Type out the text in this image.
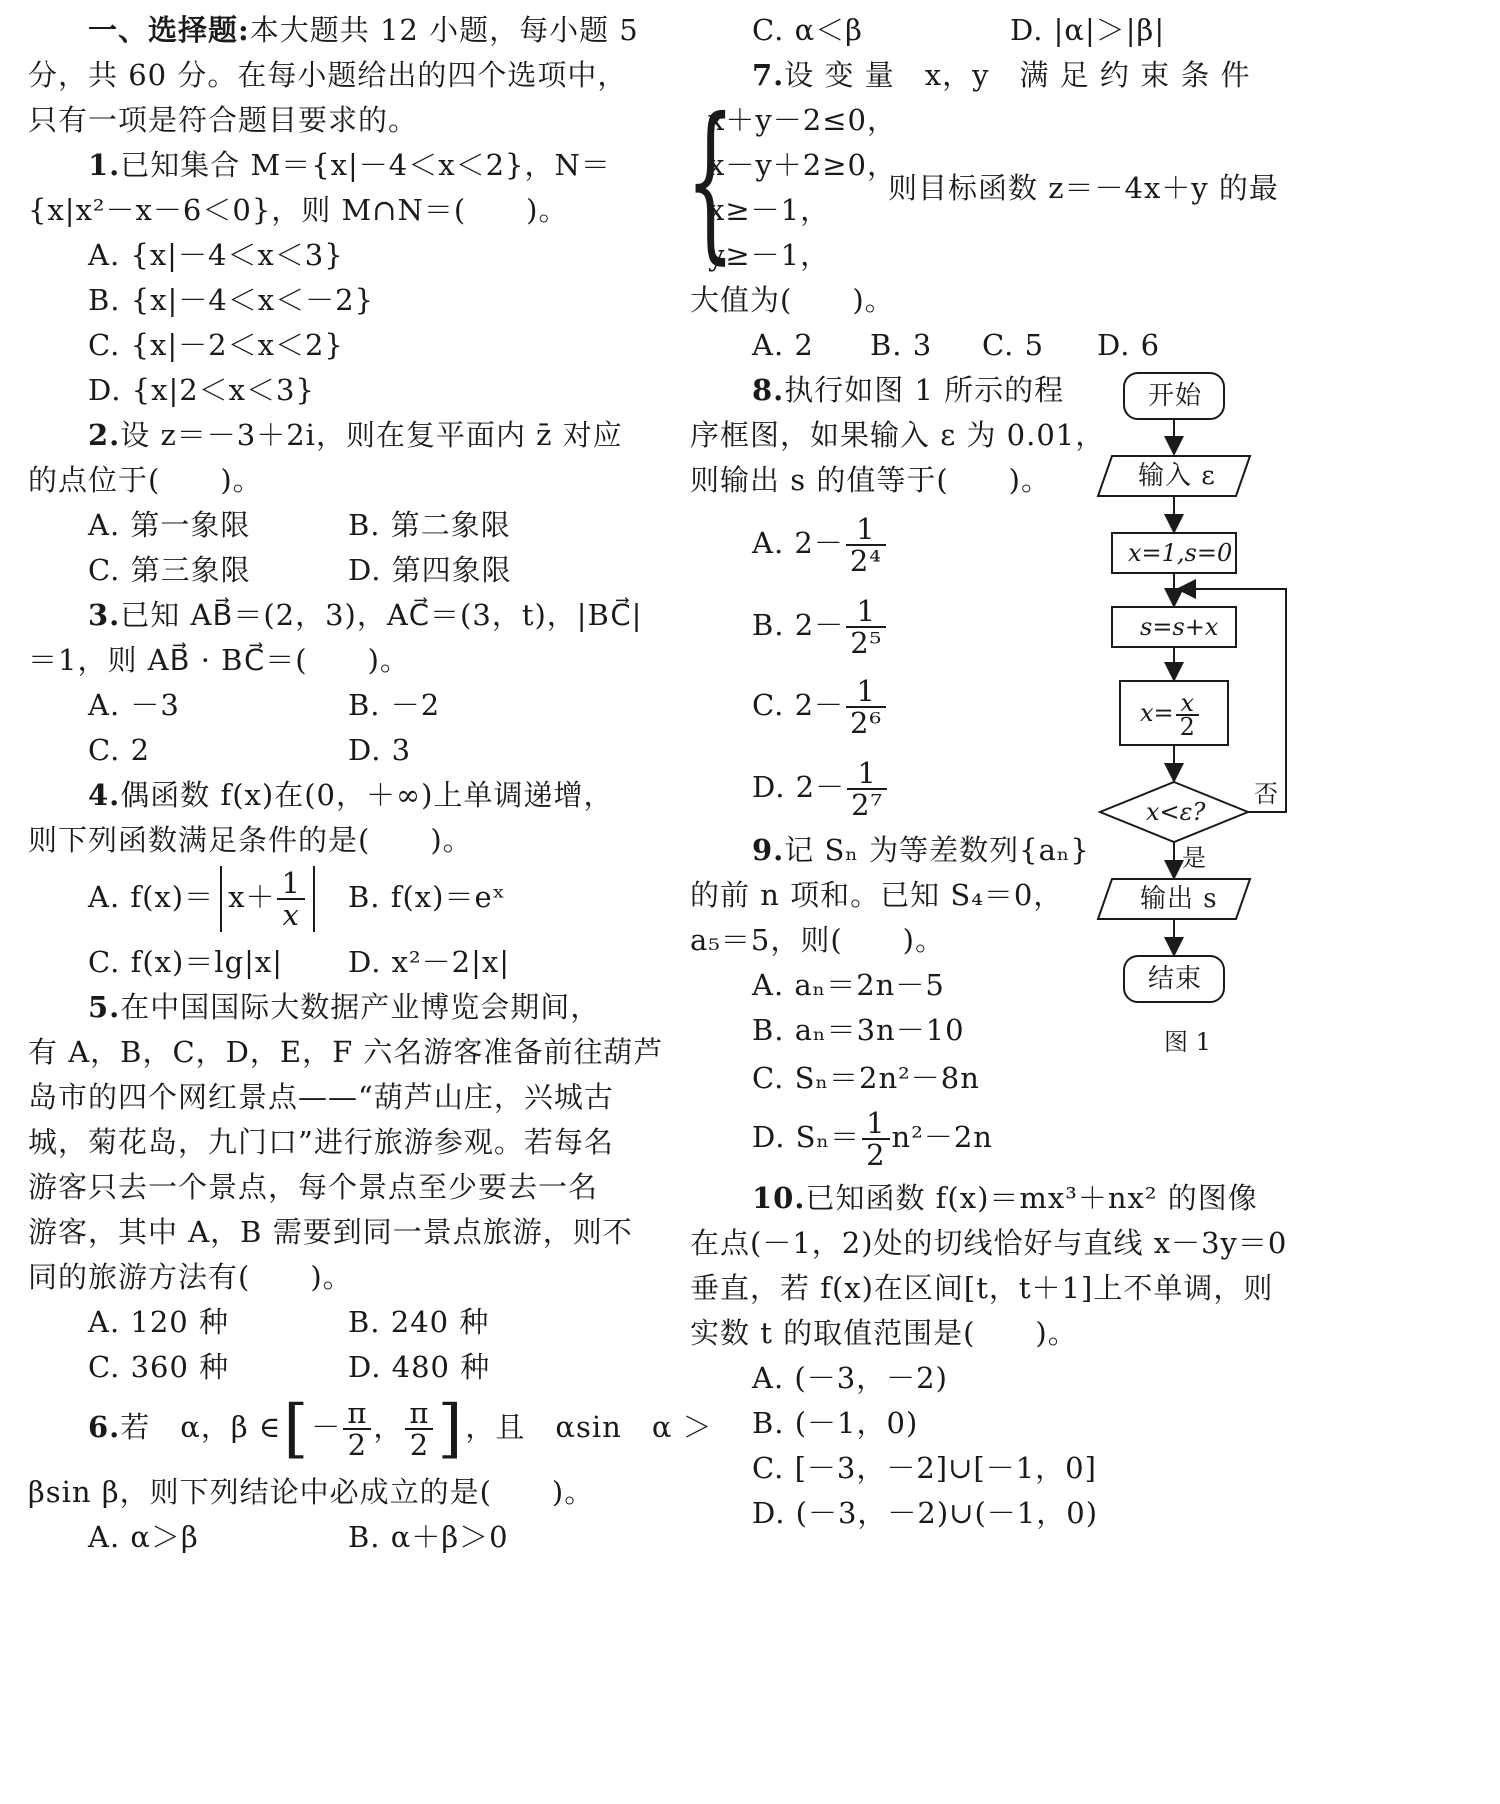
一、选择题:本大题共 12 小题，每小题 5
分，共 60 分。在每小题给出的四个选项中，
只有一项是符合题目要求的。
1.已知集合 M＝{x|－4＜x＜2}，N＝
{x|x²－x－6＜0}，则 M∩N＝(　　)。
A. {x|－4＜x＜3}
B. {x|－4＜x＜－2}
C. {x|－2＜x＜2}
D. {x|2＜x＜3}
2.设 z＝－3＋2i，则在复平面内 z̄ 对应
的点位于(　　)。
A. 第一象限	B. 第二象限
C. 第三象限	D. 第四象限
3.已知 AB⃗＝(2，3)，AC⃗＝(3，t)，|BC⃗|
＝1，则 AB⃗ · BC⃗＝(　　)。
A. －3	B. －2
C. 2	D. 3
4.偶函数 f(x)在(0，＋∞)上单调递增，
则下列函数满足条件的是(　　)。
A. $f(x)= x+ \frac{1}{x} B$. f(x)＝eˣ
C. f(x)＝lg|x| D. x²－2|x|
5.在中国国际大数据产业博览会期间，
有 A，B，C，D，E，F 六名游客准备前往葫芦
岛市的四个网红景点——“葫芦山庄，兴城古
城，菊花岛，九门口”进行旅游参观。若每名
游客只去一个景点，每个景点至少要去一名
游客，其中 A，B 需要到同一景点旅游，则不
同的旅游方法有(　　)。
A. 120 种	B. 240 种
C. 360 种	D. 480 种
6.若　α，β ∈[－ $\frac{\pi}{2}$ ， $\frac{\pi}{2}$ ]，且　αsin　α ＞
βsin β，则下列结论中必成立的是(　　)。
A. α＞β	B. α＋β＞0
C. α＜β	D. |α|＞|β|
7.设 变 量　x，y　满 足 约 束 条 件
{
x＋y－2≤0，
x－y＋2≥0，
x≥－1，
y≥－1，
则目标函数 z＝－4x＋y 的最
大值为(　　)。
A. 2 B. 3 C. 5 D. 6
8.执行如图 1 所示的程
序框图，如果输入 ε 为 0.01，
则输出 s 的值等于(　　)。
A. $2- \frac{1}{\text{2⁴}}$
B. $2- \frac{1}{\text{2⁵}}$
C. $2- \frac{1}{\text{2⁶}}$
D. $2- \frac{1}{\text{2⁷}}$
开始
输入 ε
x=1,s=0
s=s+x
$x= \frac{x}{2}$
x<ε?
否
是
输出 s
结束
图 1
9.记 Sₙ 为等差数列{aₙ}
的前 n 项和。已知 S₄＝0，
a₅＝5，则(　　)。
A. aₙ＝2n－5
B. aₙ＝3n－10
C. Sₙ＝2n²－8n
D. $S_n= \frac{1}{2} n^2-2n$
10.已知函数 f(x)＝mx³＋nx² 的图像
在点(－1，2)处的切线恰好与直线 x－3y＝0
垂直，若 f(x)在区间[t，t＋1]上不单调，则
实数 t 的取值范围是(　　)。
A. (－3，－2)
B. (－1，0)
C. [－3，－2]∪[－1，0]
D. (－3，－2)∪(－1，0)
